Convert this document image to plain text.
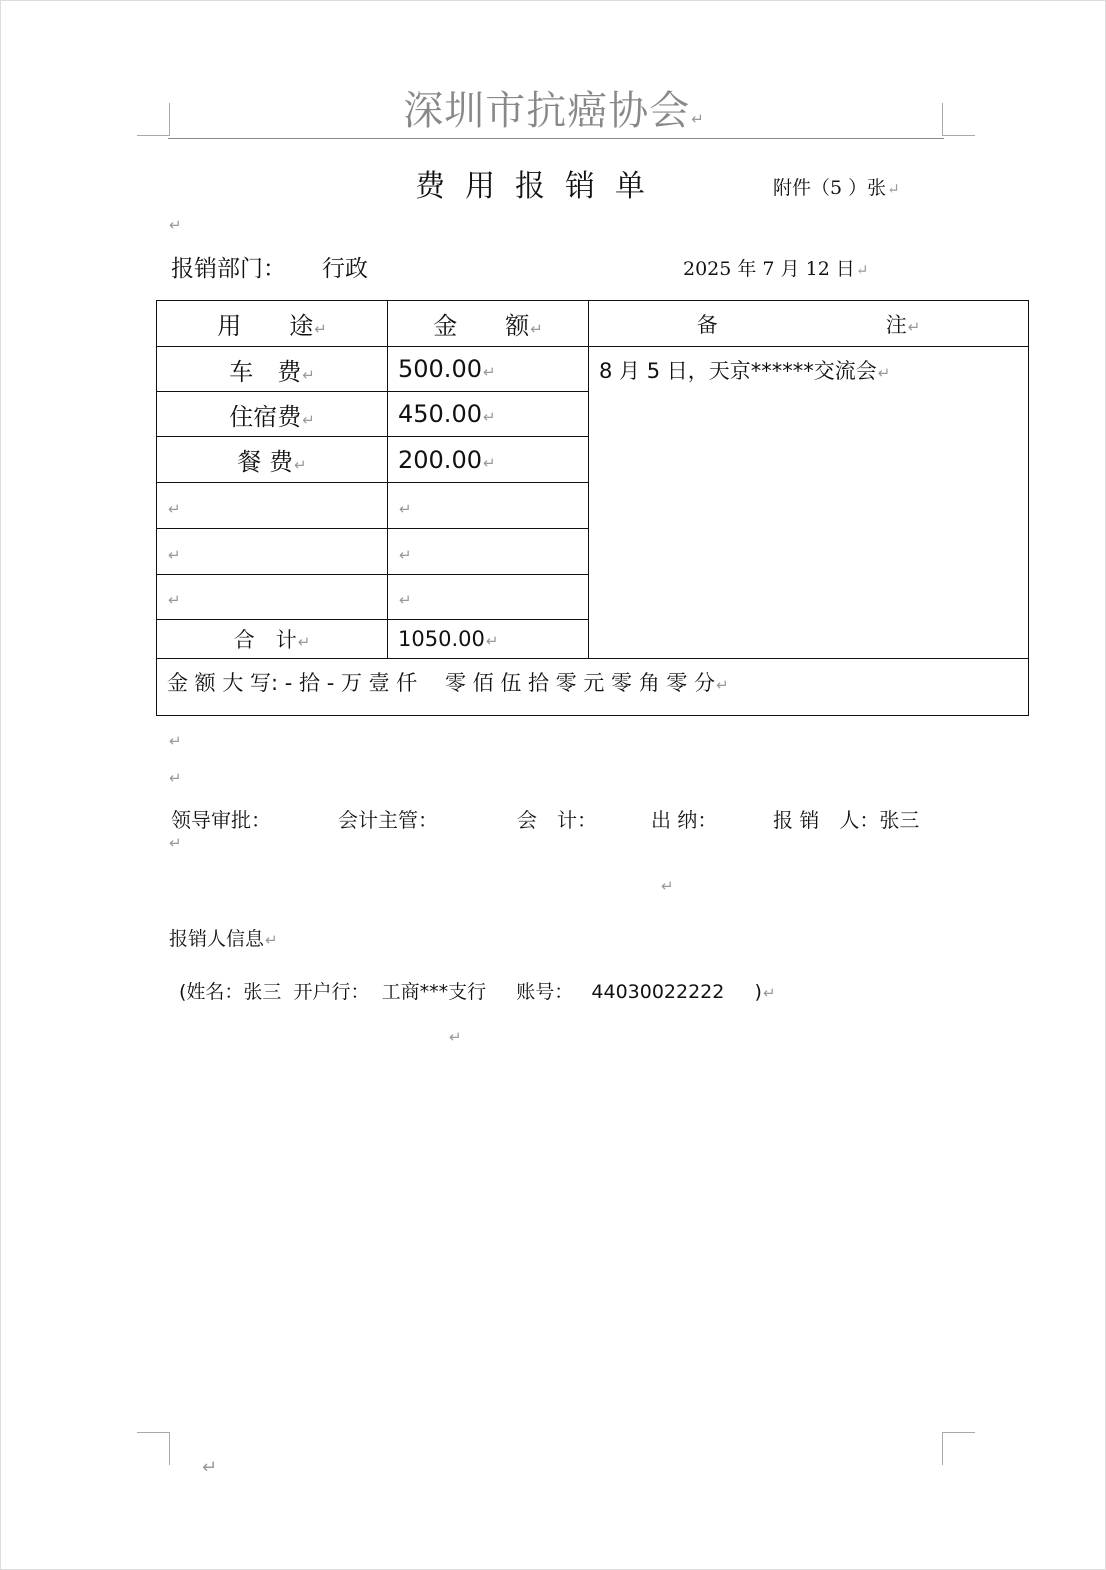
深圳市抗癌协会 ↵
费用报销单	附件（5 ）张 ↵
↵
报销部门： 行政	2025 年 7 月 12 日 ↵
用　　途 ↵	金　　额 ↵	备　　　　　　　　注 ↵
车　费 ↵	500.00 ↵	8 月 5 日，天京******交流会 ↵
住宿费 ↵	450.00 ↵
餐 费 ↵	200.00 ↵
↵	↵
↵	↵
↵	↵
合　计 ↵	1050.00 ↵
金 额 大 写: - 拾 - 万 壹 仟　 零 佰 伍 拾 零 元 零 角 零 分 ↵
↵
↵
领导审批：	会计主管：	会　计：	出 纳：	报 销　人：张三
↵
↵
报销人信息 ↵
(姓名：张三  开户行：  工商***支行     账号：   44030022222     ) ↵
↵
↵
